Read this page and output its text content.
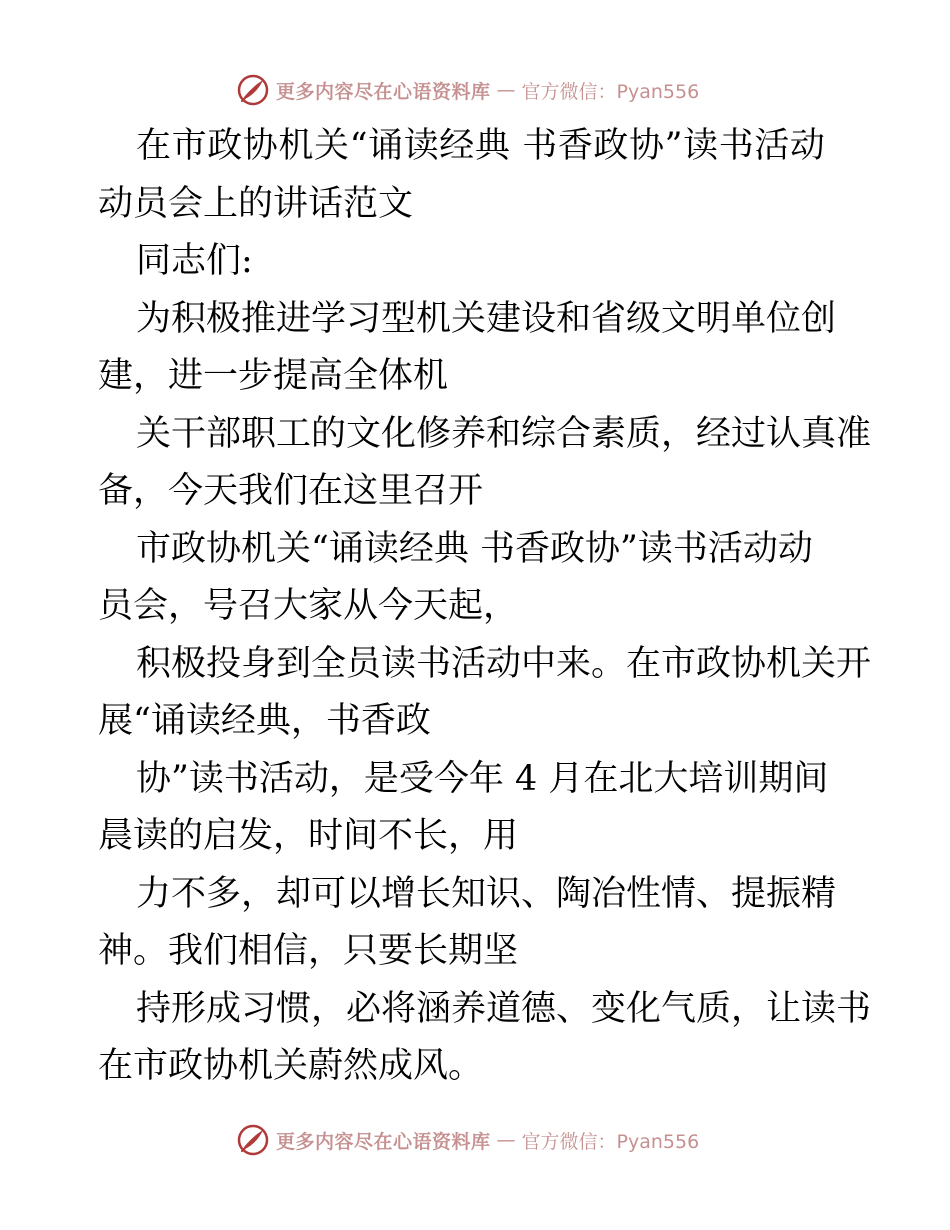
更多内容尽在心语资料库 — 官方微信：Pyan556
在市政协机关“诵读经典 书香政协”读书活动
动员会上的讲话范文
同志们:
为积极推进学习型机关建设和省级文明单位创
建，进一步提高全体机
关干部职工的文化修养和综合素质，经过认真准
备，今天我们在这里召开
市政协机关“诵读经典 书香政协”读书活动动
员会，号召大家从今天起，
积极投身到全员读书活动中来。在市政协机关开
展“诵读经典，书香政
协”读书活动，是受今年 4 月在北大培训期间
晨读的启发，时间不长，用
力不多，却可以增长知识、陶冶性情、提振精
神。我们相信，只要长期坚
持形成习惯，必将涵养道德、变化气质，让读书
在市政协机关蔚然成风。
更多内容尽在心语资料库 — 官方微信：Pyan556
